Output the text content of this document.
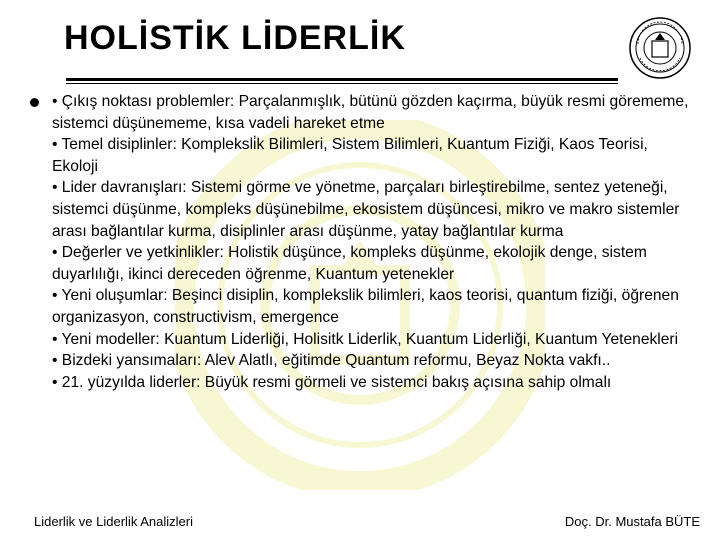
HOLİSTİK LİDERLİK

• Çıkış noktası problemler: Parçalanmışlık, bütünü gözden kaçırma, büyük resmi görememe, sistemci düşünememe, kısa vadeli hareket etme

• Temel disiplinler: Kompleksli̇k Bilimleri, Sistem Bilimleri, Kuantum Fiziği, Kaos Teorisi, Ekoloji

• Lider davranışları: Sistemi görme ve yönetme, parçaları birleştirebilme, sentez yeteneği, sistemci düşünme, kompleks düşünebilme, ekosistem düşüncesi, mikro ve makro sistemler arası bağlantılar kurma, disiplinler arası düşünme, yatay bağlantılar kurma

• Değerler ve yetkinlikler: Holistik düşünce, kompleks düşünme, ekolojik denge, sistem duyarlılığı, ikinci dereceden öğrenme, Kuantum yetenekler

• Yeni oluşumlar: Beşinci disiplin, komplekslik bilimleri, kaos teorisi, quantum fiziği, öğrenen organizasyon, constructivism, emergence

• Yeni modeller: Kuantum Liderliği, Holisitk Liderlik, Kuantum Liderliği, Kuantum Yetenekleri

• Bizdeki yansımaları: Alev Alatlı, eğitimde Quantum reformu, Beyaz Nokta vakfı..

• 21. yüzyılda liderler: Büyük resmi görmeli ve sistemci bakış açısına sahip olmalı

Liderlik ve Liderlik Analizleri	Doç. Dr. Mustafa BÜTE
